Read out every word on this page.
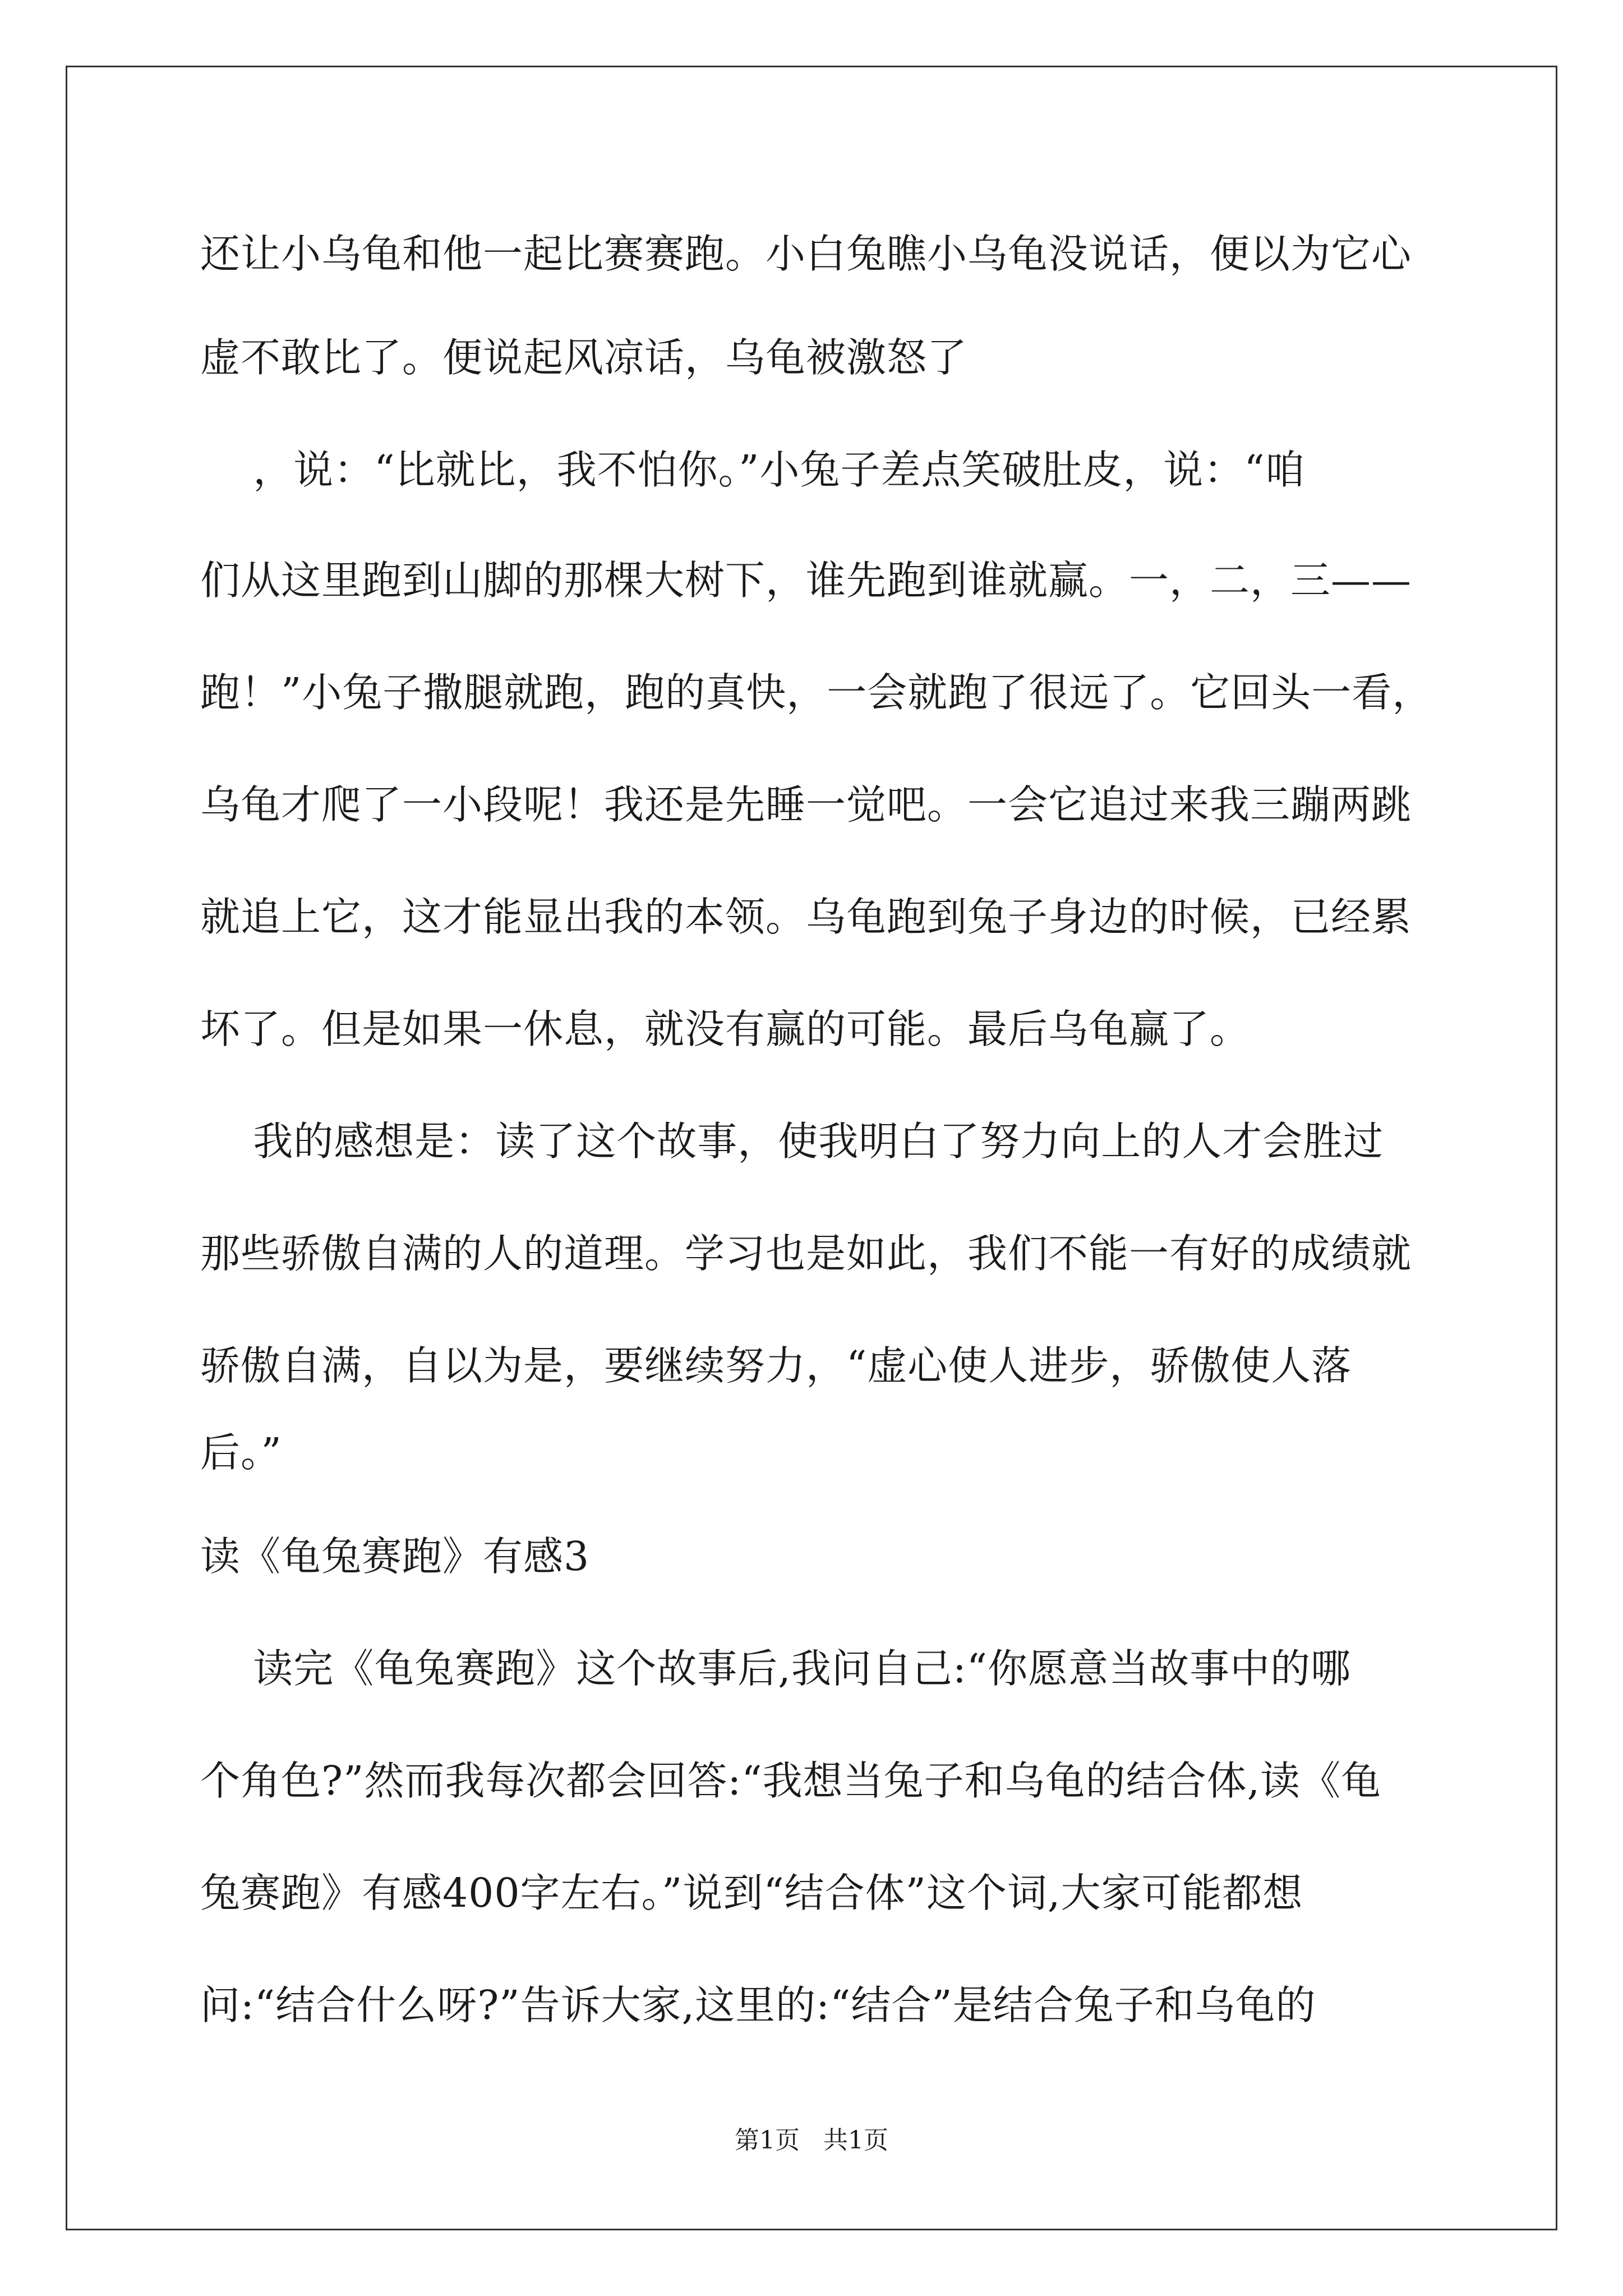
还让小乌龟和他一起比赛赛跑。小白兔瞧小乌龟没说话，便以为它心
虚不敢比了。便说起风凉话，乌龟被激怒了
，说：“比就比，我不怕你。”小兔子差点笑破肚皮，说：“咱
们从这里跑到山脚的那棵大树下，谁先跑到谁就赢。一，二，三——
跑！”小兔子撒腿就跑，跑的真快，一会就跑了很远了。它回头一看，
乌龟才爬了一小段呢！我还是先睡一觉吧。一会它追过来我三蹦两跳
就追上它，这才能显出我的本领。乌龟跑到兔子身边的时候，已经累
坏了。但是如果一休息，就没有赢的可能。最后乌龟赢了。
我的感想是：读了这个故事，使我明白了努力向上的人才会胜过
那些骄傲自满的人的道理。学习也是如此，我们不能一有好的成绩就
骄傲自满，自以为是，要继续努力，“虚心使人进步，骄傲使人落
后。”
读《龟兔赛跑》有感3
读完《龟兔赛跑》这个故事后,我问自己:“你愿意当故事中的哪
个角色?”然而我每次都会回答:“我想当兔子和乌龟的结合体,读《龟
兔赛跑》有感400字左右。”说到“结合体”这个词,大家可能都想
问:“结合什么呀?”告诉大家,这里的:“结合”是结合兔子和乌龟的
第1页   共1页
